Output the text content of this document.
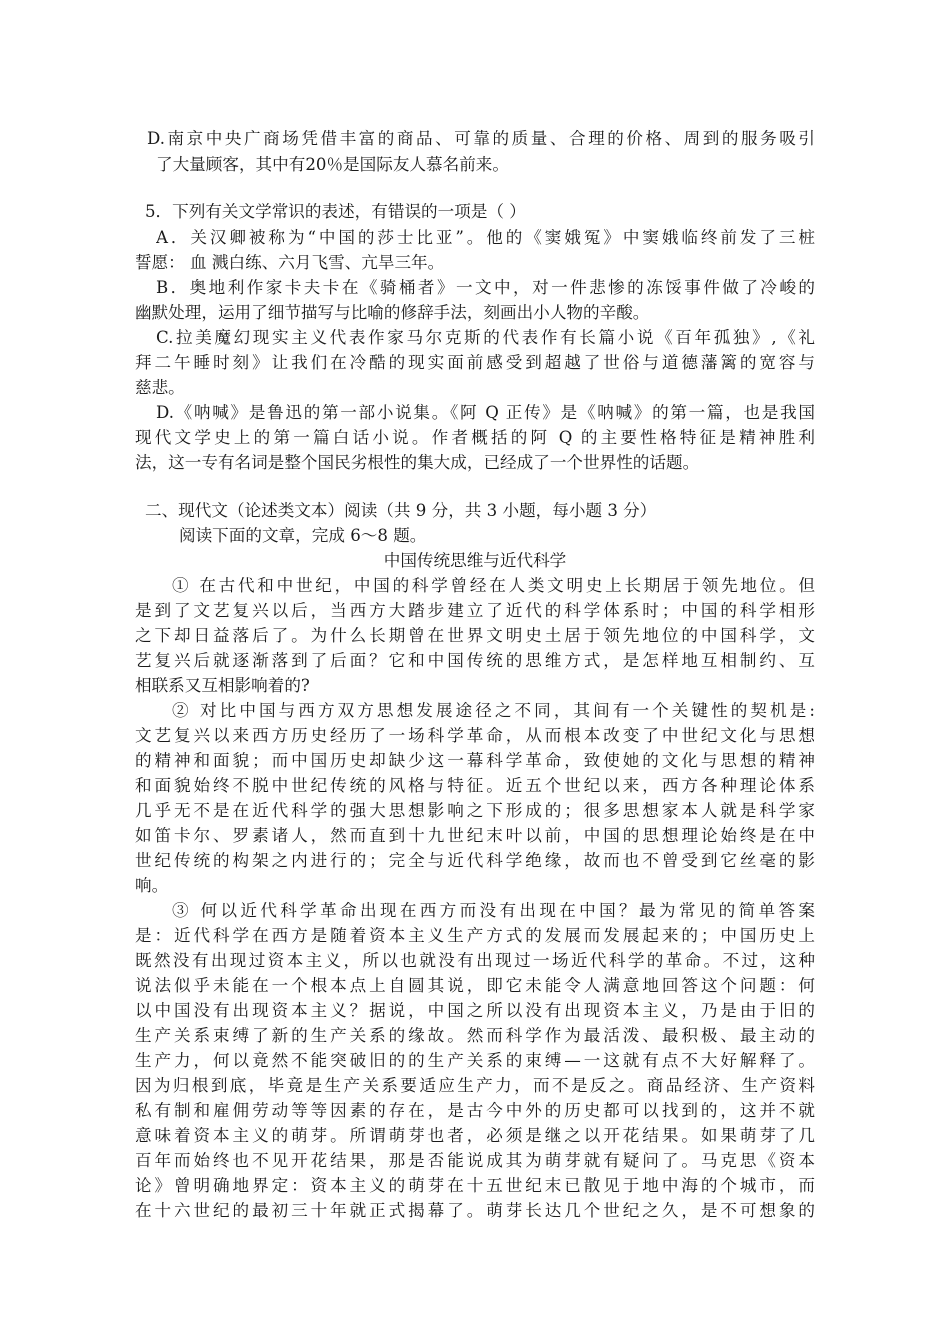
D.南京中央广商场凭借丰富的商品、可靠的质量、合理的价格、周到的服务吸引
了大量顾客，其中有20％是国际友人慕名前来。
5．下列有关文学常识的表述，有错误的一项是（ ）
A．关汉卿被称为“中国的莎士比亚”。他的《窦娥冤》中窦娥临终前发了三桩
誓愿： 血 溅白练、六月飞雪、亢旱三年。
B．奥地利作家卡夫卡在《骑桶者》一文中，对一件悲惨的冻馁事件做了冷峻的
幽默处理，运用了细节描写与比喻的修辞手法，刻画出小人物的辛酸。
C.拉美魔幻现实主义代表作家马尔克斯的代表作有长篇小说《百年孤独》,《礼
拜二午睡时刻》让我们在冷酷的现实面前感受到超越了世俗与道德藩篱的宽容与
慈悲。
D.《呐喊》是鲁迅的第一部小说集。《阿 Q 正传》是《呐喊》的第一篇，也是我国
现代文学史上的第一篇白话小说。作者概括的阿 Q 的主要性格特征是精神胜利
法，这一专有名词是整个国民劣根性的集大成，已经成了一个世界性的话题。
二、现代文（论述类文本）阅读（共 9 分，共 3 小题，每小题 3 分）
阅读下面的文章，完成 6～8 题。
中国传统思维与近代科学
① 在古代和中世纪，中国的科学曾经在人类文明史上长期居于领先地位。但
是到了文艺复兴以后，当西方大踏步建立了近代的科学体系时；中国的科学相形
之下却日益落后了。为什么长期曾在世界文明史土居于领先地位的中国科学，文
艺复兴后就逐渐落到了后面？它和中国传统的思维方式，是怎样地互相制约、互
相联系又互相影响着的?
② 对比中国与西方双方思想发展途径之不同，其间有一个关键性的契机是:
文艺复兴以来西方历史经历了一场科学革命，从而根本改变了中世纪文化与思想
的精神和面貌；而中国历史却缺少这一幕科学革命，致使她的文化与思想的精神
和面貌始终不脱中世纪传统的风格与特征。近五个世纪以来，西方各种理论体系
几乎无不是在近代科学的强大思想影响之下形成的；很多思想家本人就是科学家
如笛卡尔、罗素诸人，然而直到十九世纪末叶以前，中国的思想理论始终是在中
世纪传统的构架之内进行的；完全与近代科学绝缘，故而也不曾受到它丝毫的影
响。
③ 何以近代科学革命出现在西方而没有出现在中国？最为常见的简单答案
是：近代科学在西方是随着资本主义生产方式的发展而发展起来的；中国历史上
既然没有出现过资本主义，所以也就没有出现过一场近代科学的革命。不过，这种
说法似乎未能在一个根本点上自圆其说，即它未能令人满意地回答这个问题：何
以中国没有出现资本主义？据说，中国之所以没有出现资本主义，乃是由于旧的
生产关系束缚了新的生产关系的缘故。然而科学作为最活泼、最积极、最主动的
生产力，何以竟然不能突破旧的的生产关系的束缚—一这就有点不大好解释了。
因为归根到底，毕竟是生产关系要适应生产力，而不是反之。商品经济、生产资料
私有制和雇佣劳动等等因素的存在，是古今中外的历史都可以找到的，这并不就
意味着资本主义的萌芽。所谓萌芽也者，必须是继之以开花结果。如果萌芽了几
百年而始终也不见开花结果，那是否能说成其为萌芽就有疑问了。马克思《资本
论》曾明确地界定：资本主义的萌芽在十五世纪末已散见于地中海的个城市，而
在十六世纪的最初三十年就正式揭幕了。萌芽长达几个世纪之久，是不可想象的
